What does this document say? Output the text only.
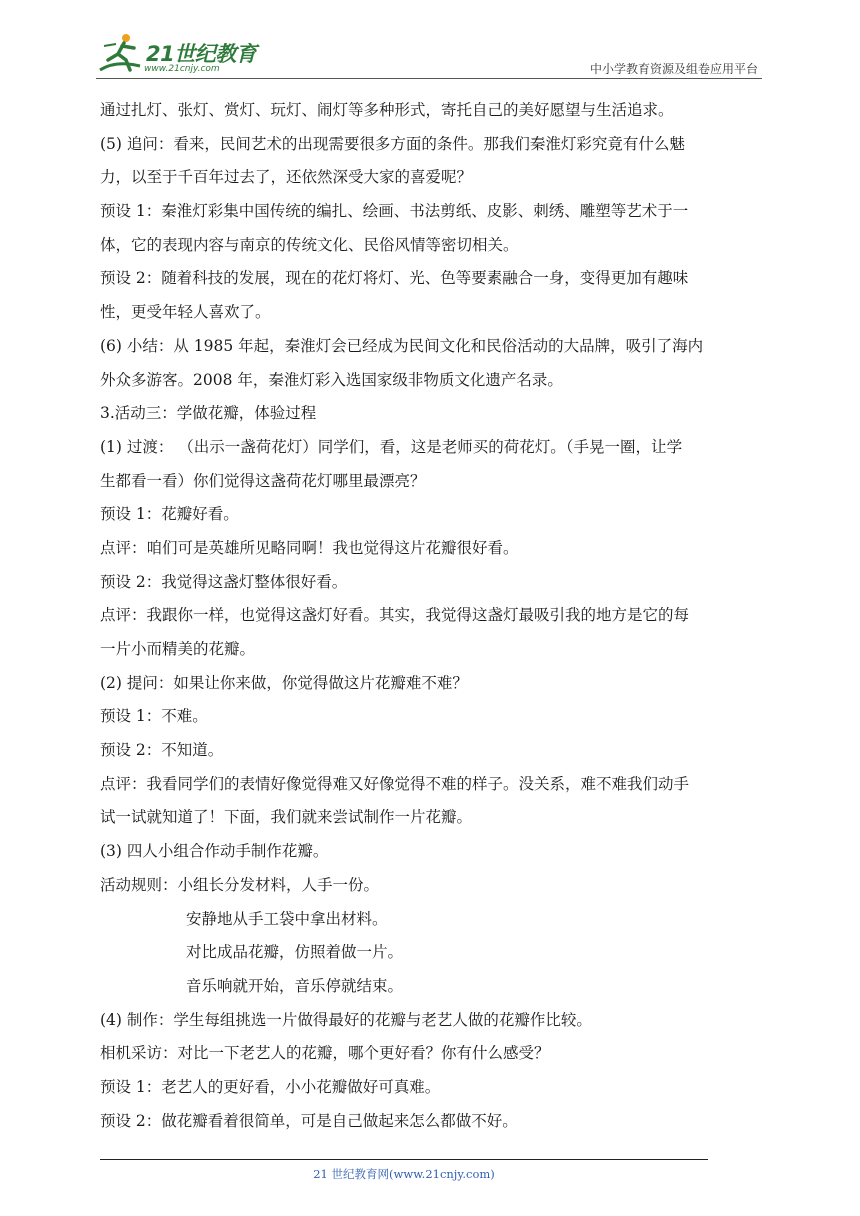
21世纪教育
www.21cnjy.com	中小学教育资源及组卷应用平台
通过扎灯、张灯、赏灯、玩灯、闹灯等多种形式，寄托自己的美好愿望与生活追求。
(5) 追问：看来，民间艺术的出现需要很多方面的条件。那我们秦淮灯彩究竟有什么魅
力，以至于千百年过去了，还依然深受大家的喜爱呢？
预设 1：秦淮灯彩集中国传统的编扎、绘画、书法剪纸、皮影、刺绣、雕塑等艺术于一
体，它的表现内容与南京的传统文化、民俗风情等密切相关。
预设 2：随着科技的发展，现在的花灯将灯、光、色等要素融合一身，变得更加有趣味
性，更受年轻人喜欢了。
(6) 小结：从 1985 年起，秦淮灯会已经成为民间文化和民俗活动的大品牌，吸引了海内
外众多游客。2008 年，秦淮灯彩入选国家级非物质文化遗产名录。
3.活动三：学做花瓣，体验过程
(1) 过渡： （出示一盏荷花灯）同学们，看，这是老师买的荷花灯。（手晃一圈，让学
生都看一看）你们觉得这盏荷花灯哪里最漂亮？
预设 1：花瓣好看。
点评：咱们可是英雄所见略同啊！我也觉得这片花瓣很好看。
预设 2：我觉得这盏灯整体很好看。
点评：我跟你一样，也觉得这盏灯好看。其实，我觉得这盏灯最吸引我的地方是它的每
一片小而精美的花瓣。
(2) 提问：如果让你来做，你觉得做这片花瓣难不难？
预设 1：不难。
预设 2：不知道。
点评：我看同学们的表情好像觉得难又好像觉得不难的样子。没关系，难不难我们动手
试一试就知道了！下面，我们就来尝试制作一片花瓣。
(3) 四人小组合作动手制作花瓣。
活动规则：小组长分发材料，人手一份。
安静地从手工袋中拿出材料。
对比成品花瓣，仿照着做一片。
音乐响就开始，音乐停就结束。
(4) 制作：学生每组挑选一片做得最好的花瓣与老艺人做的花瓣作比较。
相机采访：对比一下老艺人的花瓣，哪个更好看？你有什么感受？
预设 1：老艺人的更好看，小小花瓣做好可真难。
预设 2：做花瓣看着很简单，可是自己做起来怎么都做不好。
21 世纪教育网(www.21cnjy.com)
